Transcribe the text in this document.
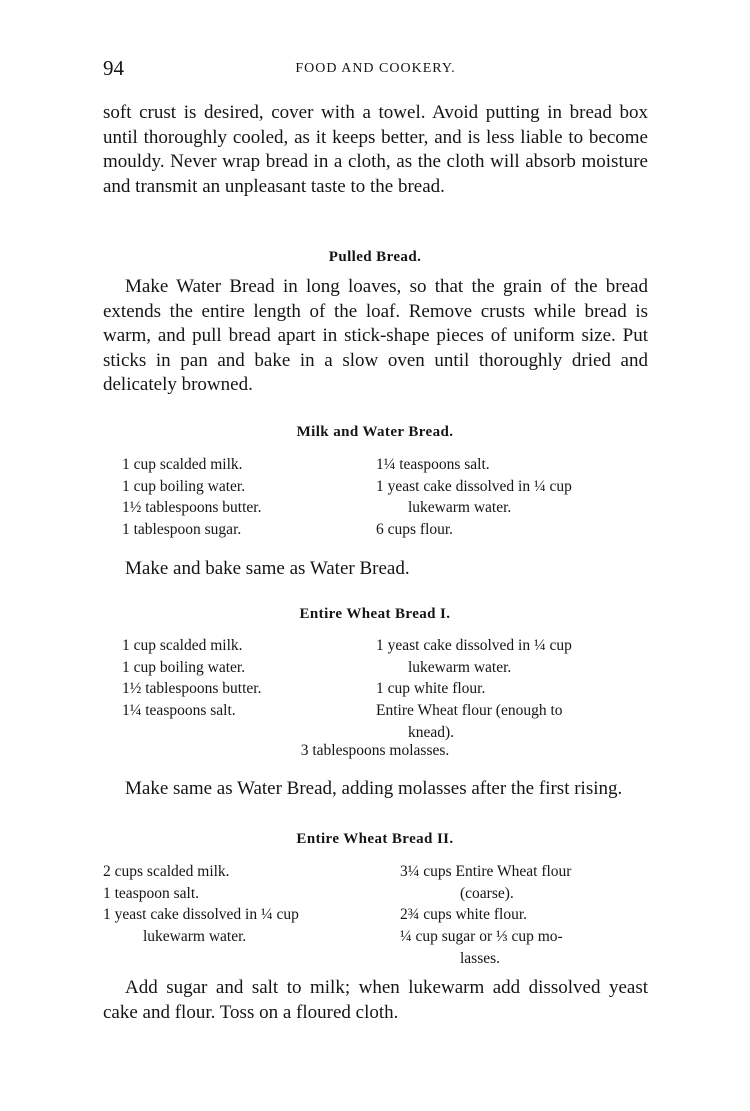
94	FOOD AND COOKERY.
soft crust is desired, cover with a towel. Avoid putting in bread box until thoroughly cooled, as it keeps better, and is less liable to become mouldy. Never wrap bread in a cloth, as the cloth will absorb moisture and transmit an unpleasant taste to the bread.
Pulled Bread.
Make Water Bread in long loaves, so that the grain of the bread extends the entire length of the loaf. Remove crusts while bread is warm, and pull bread apart in stick-shape pieces of uniform size. Put sticks in pan and bake in a slow oven until thoroughly dried and delicately browned.
Milk and Water Bread.
1 cup scalded milk.
1 cup boiling water.
1½ tablespoons butter.
1 tablespoon sugar.
1¼ teaspoons salt.
1 yeast cake dissolved in ¼ cup
lukewarm water.
6 cups flour.
Make and bake same as Water Bread.
Entire Wheat Bread I.
1 cup scalded milk.
1 cup boiling water.
1½ tablespoons butter.
1¼ teaspoons salt.
1 yeast cake dissolved in ¼ cup
lukewarm water.
1 cup white flour.
Entire Wheat flour (enough to
knead).
3 tablespoons molasses.
Make same as Water Bread, adding molasses after the first rising.
Entire Wheat Bread II.
2 cups scalded milk.
1 teaspoon salt.
1 yeast cake dissolved in ¼ cup
lukewarm water.
3¼ cups Entire Wheat flour
(coarse).
2¾ cups white flour.
¼ cup sugar or ⅓ cup mo-
lasses.
Add sugar and salt to milk; when lukewarm add dissolved yeast cake and flour. Toss on a floured cloth.
